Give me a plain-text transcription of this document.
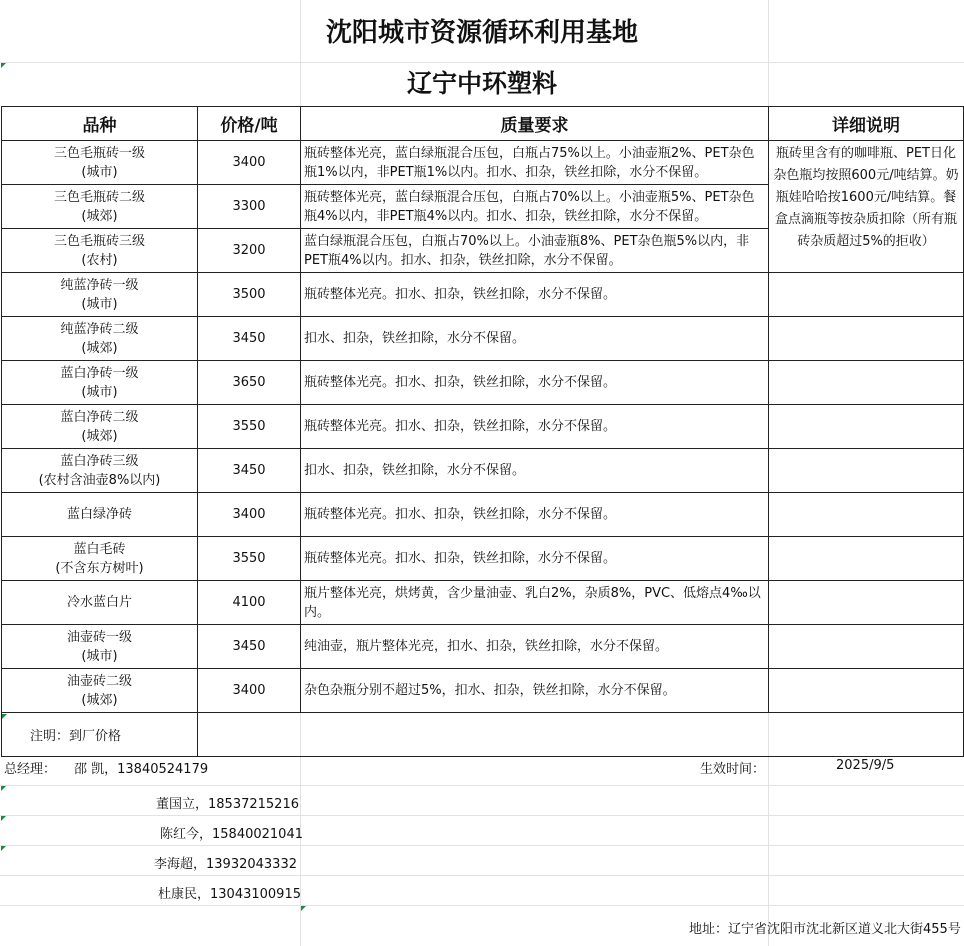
沈阳城市资源循环利用基地
辽宁中环塑料
品种	价格/吨	质量要求	详细说明

三色毛瓶砖一级
(城市)	3400	瓶砖整体光亮，蓝白绿瓶混合压包，白瓶占75%以上。小油壶瓶2%、PET杂色瓶1%以内，非PET瓶1%以内。扣水、扣杂，铁丝扣除，水分不保留。	瓶砖里含有的咖啡瓶、PET日化杂色瓶均按照600元/吨结算。奶瓶娃哈哈按1600元/吨结算。餐盒点滴瓶等按杂质扣除（所有瓶砖杂质超过5%的拒收）

三色毛瓶砖二级
(城郊)	3300	瓶砖整体光亮，蓝白绿瓶混合压包，白瓶占70%以上。小油壶瓶5%、PET杂色瓶4%以内，非PET瓶4%以内。扣水、扣杂，铁丝扣除，水分不保留。	

三色毛瓶砖三级
(农村)	3200	蓝白绿瓶混合压包，白瓶占70%以上。小油壶瓶8%、PET杂色瓶5%以内，非PET瓶4%以内。扣水、扣杂，铁丝扣除，水分不保留。	

纯蓝净砖一级
(城市)	3500	瓶砖整体光亮。扣水、扣杂，铁丝扣除，水分不保留。	

纯蓝净砖二级
(城郊)	3450	扣水、扣杂，铁丝扣除，水分不保留。	

蓝白净砖一级
(城市)	3650	瓶砖整体光亮。扣水、扣杂，铁丝扣除，水分不保留。	

蓝白净砖二级
(城郊)	3550	瓶砖整体光亮。扣水、扣杂，铁丝扣除，水分不保留。	

蓝白净砖三级
(农村含油壶8%以内)	3450	扣水、扣杂，铁丝扣除，水分不保留。	

蓝白绿净砖	3400	瓶砖整体光亮。扣水、扣杂，铁丝扣除，水分不保留。	

蓝白毛砖
(不含东方树叶)	3550	瓶砖整体光亮。扣水、扣杂，铁丝扣除，水分不保留。	

冷水蓝白片	4100	瓶片整体光亮，烘烤黄，含少量油壶、乳白2%，杂质8%，PVC、低熔点4‰以内。	

油壶砖一级
(城市)	3450	纯油壶，瓶片整体光亮，扣水、扣杂，铁丝扣除，水分不保留。	

油壶砖二级
(城郊)	3400	杂色杂瓶分别不超过5%，扣水、扣杂，铁丝扣除，水分不保留。	
注明：到厂价格			
总经理： 邵 凯，13840524179	生效时间：	2025/9/5
董国立，18537215216
陈红今，15840021041
李海超，13932043332
杜康民，13043100915
地址：辽宁省沈阳市沈北新区道义北大街455号
